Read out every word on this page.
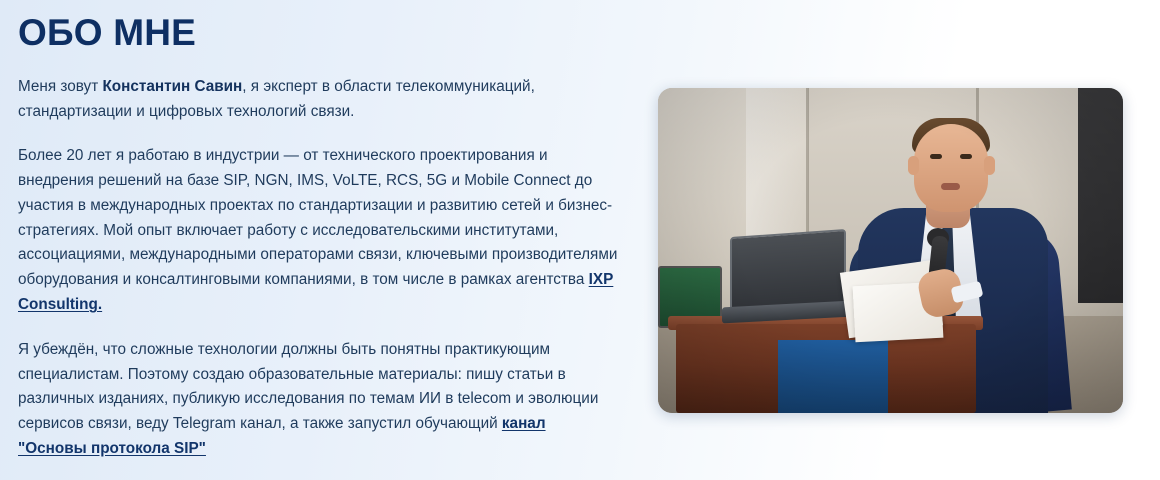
ОБО МНЕ

Меня зовут Константин Савин, я эксперт в области телекоммуникаций, стандартизации и цифровых технологий связи.

Более 20 лет я работаю в индустрии — от технического проектирования и внедрения решений на базе SIP, NGN, IMS, VoLTE, RCS, 5G и Mobile Connect до участия в международных проектах по стандартизации и развитию сетей и бизнес-стратегиях. Мой опыт включает работу с исследовательскими институтами, ассоциациями, международными операторами связи, ключевыми производителями оборудования и консалтинговыми компаниями, в том числе в рамках агентства IXP Consulting.

Я убеждён, что сложные технологии должны быть понятны практикующим специалистам. Поэтому создаю образовательные материалы: пишу статьи в различных изданиях, публикую исследования по темам ИИ в telecom и эволюции сервисов связи, веду Telegram канал, а также запустил обучающий канал "Основы протокола SIP"
